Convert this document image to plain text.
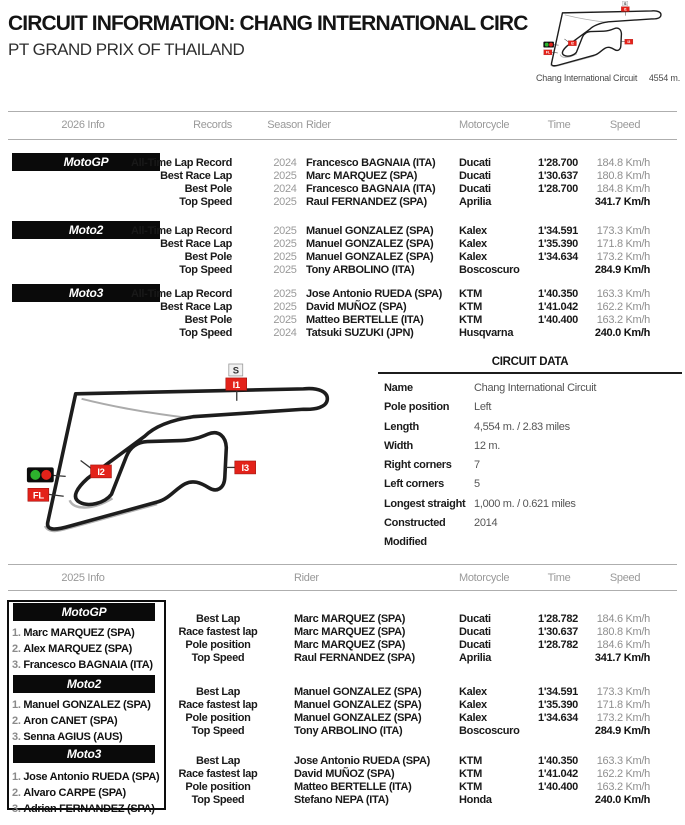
CIRCUIT INFORMATION: CHANG INTERNATIONAL CIRC
PT GRAND PRIX OF THAILAND
Chang International Circuit 4554 m.
2026 Info	Records	Season Rider	Motorcycle	Time	Speed
MotoGP	All-Time Lap Record	2024 Francesco BAGNAIA (ITA) Ducati	1'28.700	184.8 Km/h
Best Race Lap	2025 Marc MARQUEZ (SPA)	Ducati	1'30.637	180.8 Km/h
Best Pole	2024 Francesco BAGNAIA (ITA) Ducati	1'28.700	184.8 Km/h
Top Speed	2025 Raul FERNANDEZ (SPA)	Aprilia	341.7 Km/h
Moto2	All-Time Lap Record	2025 Manuel GONZALEZ (SPA) Kalex	1'34.591	173.3 Km/h
Best Race Lap	2025 Manuel GONZALEZ (SPA) Kalex	1'35.390	171.8 Km/h
Best Pole	2025 Manuel GONZALEZ (SPA) Kalex	1'34.634	173.2 Km/h
Top Speed	2025 Tony ARBOLINO (ITA)	Boscoscuro	284.9 Km/h
Moto3	All-Time Lap Record	2025 Jose Antonio RUEDA (SPA) KTM	1'40.350	163.3 Km/h
Best Race Lap	2025 David MUÑOZ (SPA)	KTM	1'41.042	162.2 Km/h
Best Pole	2025 Matteo BERTELLE (ITA)	KTM	1'40.400	163.2 Km/h
Top Speed	2024 Tatsuki SUZUKI (JPN)	Husqvarna	240.0 Km/h
CIRCUIT DATA
Name	Chang International Circuit
Pole position Left
Length	4,554 m. / 2.83 miles
Width	12 m.
Right corners 7
Left corners	5
Longest straight 1,000 m. / 0.621 miles
Constructed	2014
Modified
2025 Info	Rider	Motorcycle	Time	Speed
MotoGP
1. Marc MARQUEZ (SPA)
2. Alex MARQUEZ (SPA)
3. Francesco BAGNAIA (ITA)
Moto2
1. Manuel GONZALEZ (SPA)
2. Aron CANET (SPA)
3. Senna AGIUS (AUS)
Moto3
1. Jose Antonio RUEDA (SPA)
2. Alvaro CARPE (SPA)
3. Adrian FERNANDEZ (SPA)
Best Lap	Marc MARQUEZ (SPA)	Ducati	1'28.782	184.6 Km/h
Race fastest lap	Marc MARQUEZ (SPA)	Ducati	1'30.637	180.8 Km/h
Pole position	Marc MARQUEZ (SPA)	Ducati	1'28.782	184.6 Km/h
Top Speed	Raul FERNANDEZ (SPA)	Aprilia	341.7 Km/h
Best Lap	Manuel GONZALEZ (SPA)	Kalex	1'34.591	173.3 Km/h
Race fastest lap	Manuel GONZALEZ (SPA)	Kalex	1'35.390	171.8 Km/h
Pole position	Manuel GONZALEZ (SPA)	Kalex	1'34.634	173.2 Km/h
Top Speed	Tony ARBOLINO (ITA)	Boscoscuro	284.9 Km/h
Best Lap	Jose Antonio RUEDA (SPA)	KTM	1'40.350	163.3 Km/h
Race fastest lap	David MUÑOZ (SPA)	KTM	1'41.042	162.2 Km/h
Pole position	Matteo BERTELLE (ITA)	KTM	1'40.400	163.2 Km/h
Top Speed	Stefano NEPA (ITA)	Honda	240.0 Km/h
